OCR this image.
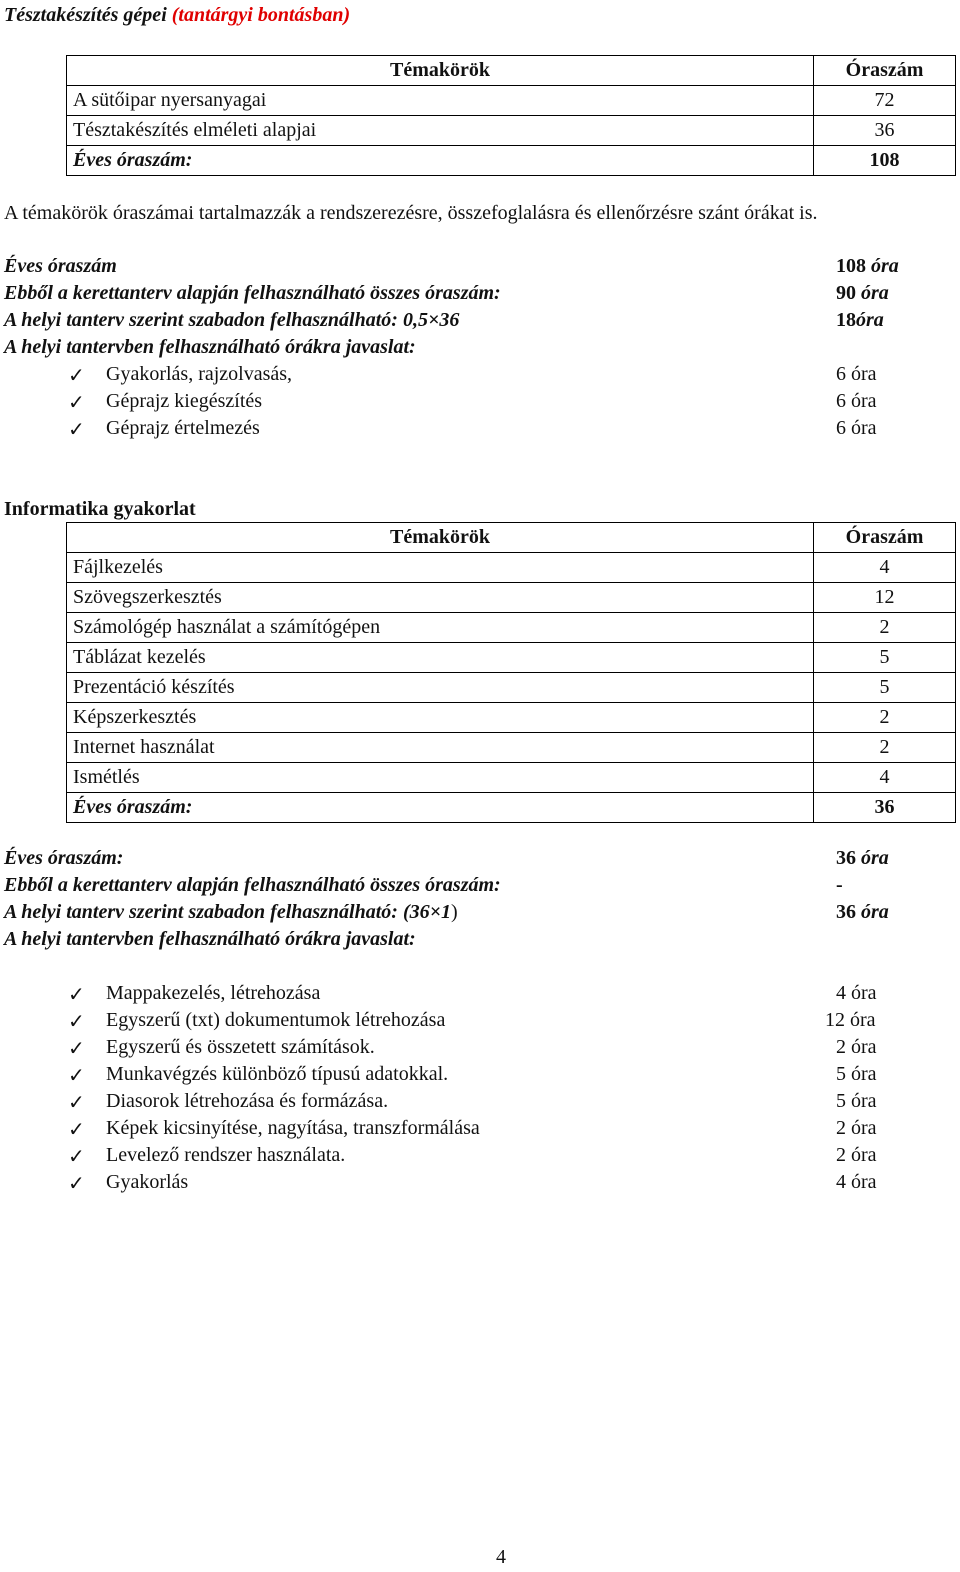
Tésztakészítés gépei (tantárgyi bontásban)
Témakörök	Óraszám
A sütőipar nyersanyagai	72
Tésztakészítés elméleti alapjai	36
Éves óraszám:	108
A témakörök óraszámai tartalmazzák a rendszerezésre, összefoglalásra és ellenőrzésre szánt órákat is.
Éves óraszám	108 óra
Ebből a kerettanterv alapján felhasználható összes óraszám:	90 óra
A helyi tanterv szerint szabadon felhasználható: 0,5×36	18óra
A helyi tantervben felhasználható órákra javaslat:
✓ Gyakorlás, rajzolvasás,	6 óra
✓ Géprajz kiegészítés	6 óra
✓ Géprajz értelmezés	6 óra
Informatika gyakorlat
Témakörök	Óraszám
Fájlkezelés	4
Szövegszerkesztés	12
Számológép használat a számítógépen	2
Táblázat kezelés	5
Prezentáció készítés	5
Képszerkesztés	2
Internet használat	2
Ismétlés	4
Éves óraszám:	36
Éves óraszám:	36 óra
Ebből a kerettanterv alapján felhasználható összes óraszám:	-
A helyi tanterv szerint szabadon felhasználható: (36×1)	36 óra
A helyi tantervben felhasználható órákra javaslat:
✓ Mappakezelés, létrehozása	4 óra
✓ Egyszerű (txt) dokumentumok létrehozása	12 óra
✓ Egyszerű és összetett számítások.	2 óra
✓ Munkavégzés különböző típusú adatokkal.	5 óra
✓ Diasorok létrehozása és formázása.	5 óra
✓ Képek kicsinyítése, nagyítása, transzformálása	2 óra
✓ Levelező rendszer használata.	2 óra
✓ Gyakorlás	4 óra
4
